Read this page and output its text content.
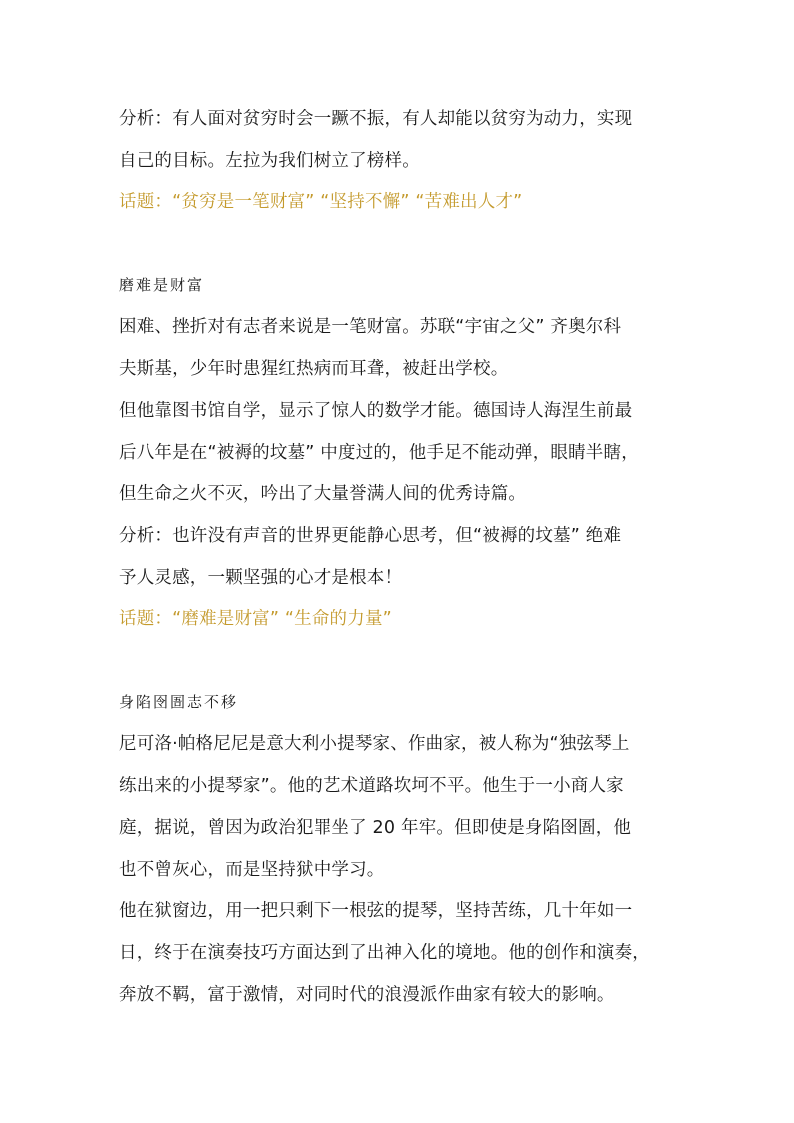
分析：有人面对贫穷时会一蹶不振，有人却能以贫穷为动力，实现
自己的目标。左拉为我们树立了榜样。
话题：“贫穷是一笔财富” “坚持不懈” “苦难出人才”
磨难是财富
困难、挫折对有志者来说是一笔财富。苏联“宇宙之父” 齐奥尔科
夫斯基，少年时患猩红热病而耳聋，被赶出学校。
但他靠图书馆自学，显示了惊人的数学才能。德国诗人海涅生前最
后八年是在“被褥的坟墓” 中度过的，他手足不能动弹，眼睛半瞎，
但生命之火不灭，吟出了大量誉满人间的优秀诗篇。
分析：也许没有声音的世界更能静心思考，但“被褥的坟墓” 绝难
予人灵感，一颗坚强的心才是根本！
话题：“磨难是财富” “生命的力量”
身陷囹圄志不移
尼可洛·帕格尼尼是意大利小提琴家、作曲家，被人称为“独弦琴上
练出来的小提琴家”。他的艺术道路坎坷不平。他生于一小商人家
庭，据说，曾因为政治犯罪坐了 20 年牢。但即使是身陷囹圄，他
也不曾灰心，而是坚持狱中学习。
他在狱窗边，用一把只剩下一根弦的提琴，坚持苦练，几十年如一
日，终于在演奏技巧方面达到了出神入化的境地。他的创作和演奏，
奔放不羁，富于激情，对同时代的浪漫派作曲家有较大的影响。
